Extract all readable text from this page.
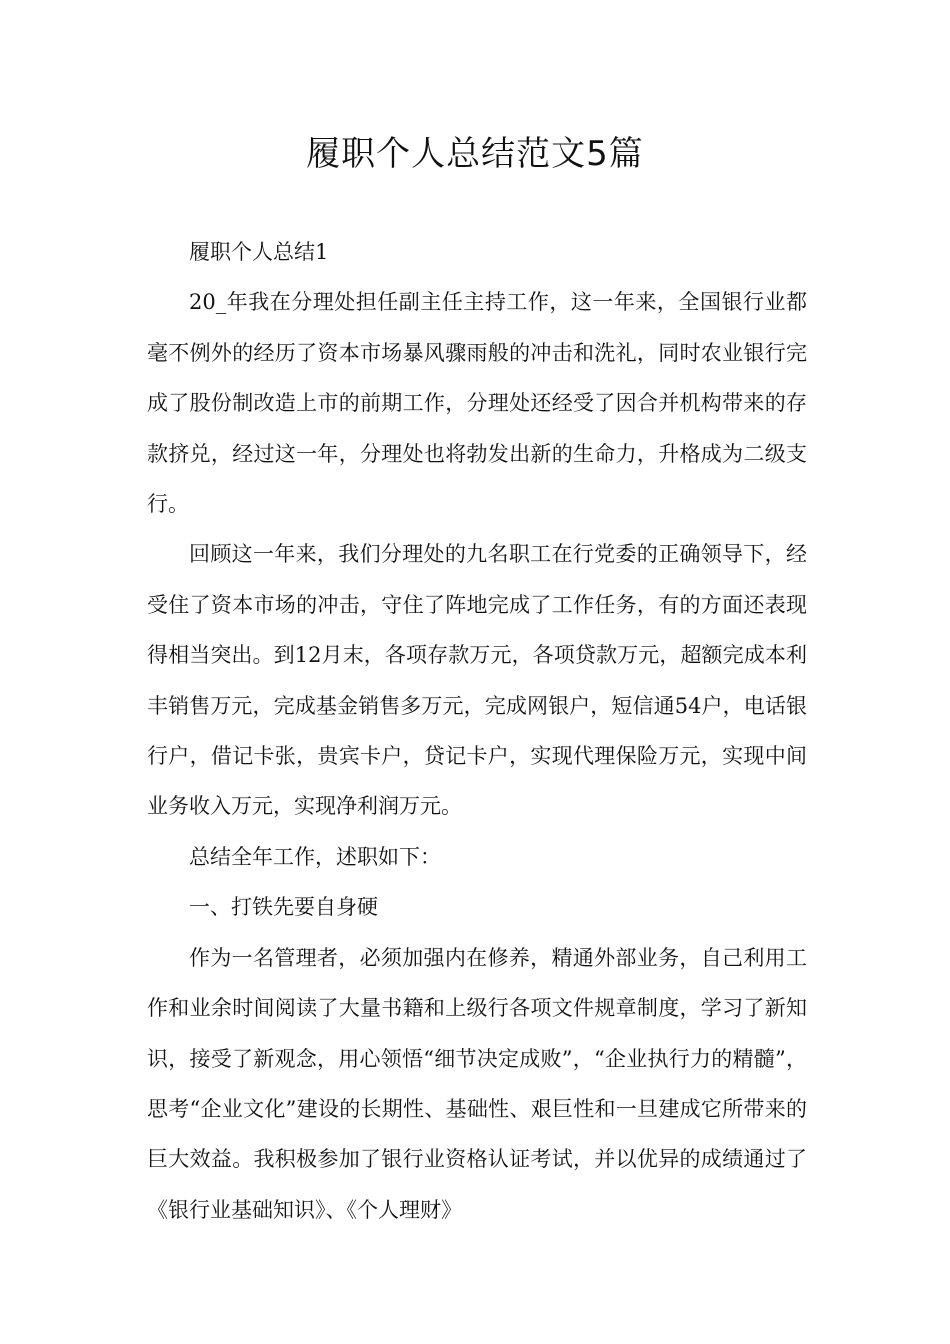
履职个人总结范文5篇

履职个人总结1

20_年我在分理处担任副主任主持工作，这一年来，全国银行业都毫不例外的经历了资本市场暴风骤雨般的冲击和洗礼，同时农业银行完成了股份制改造上市的前期工作，分理处还经受了因合并机构带来的存款挤兑，经过这一年，分理处也将勃发出新的生命力，升格成为二级支行。

回顾这一年来，我们分理处的九名职工在行党委的正确领导下，经受住了资本市场的冲击，守住了阵地完成了工作任务，有的方面还表现得相当突出。到12月末，各项存款万元，各项贷款万元，超额完成本利丰销售万元，完成基金销售多万元，完成网银户，短信通54户，电话银行户，借记卡张，贵宾卡户，贷记卡户，实现代理保险万元，实现中间业务收入万元，实现净利润万元。

总结全年工作，述职如下：

一、打铁先要自身硬

作为一名管理者，必须加强内在修养，精通外部业务，自己利用工作和业余时间阅读了大量书籍和上级行各项文件规章制度，学习了新知识，接受了新观念，用心领悟“细节决定成败”，“企业执行力的精髓”，思考“企业文化”建设的长期性、基础性、艰巨性和一旦建成它所带来的巨大效益。我积极参加了银行业资格认证考试，并以优异的成绩通过了《银行业基础知识》、《个人理财》
